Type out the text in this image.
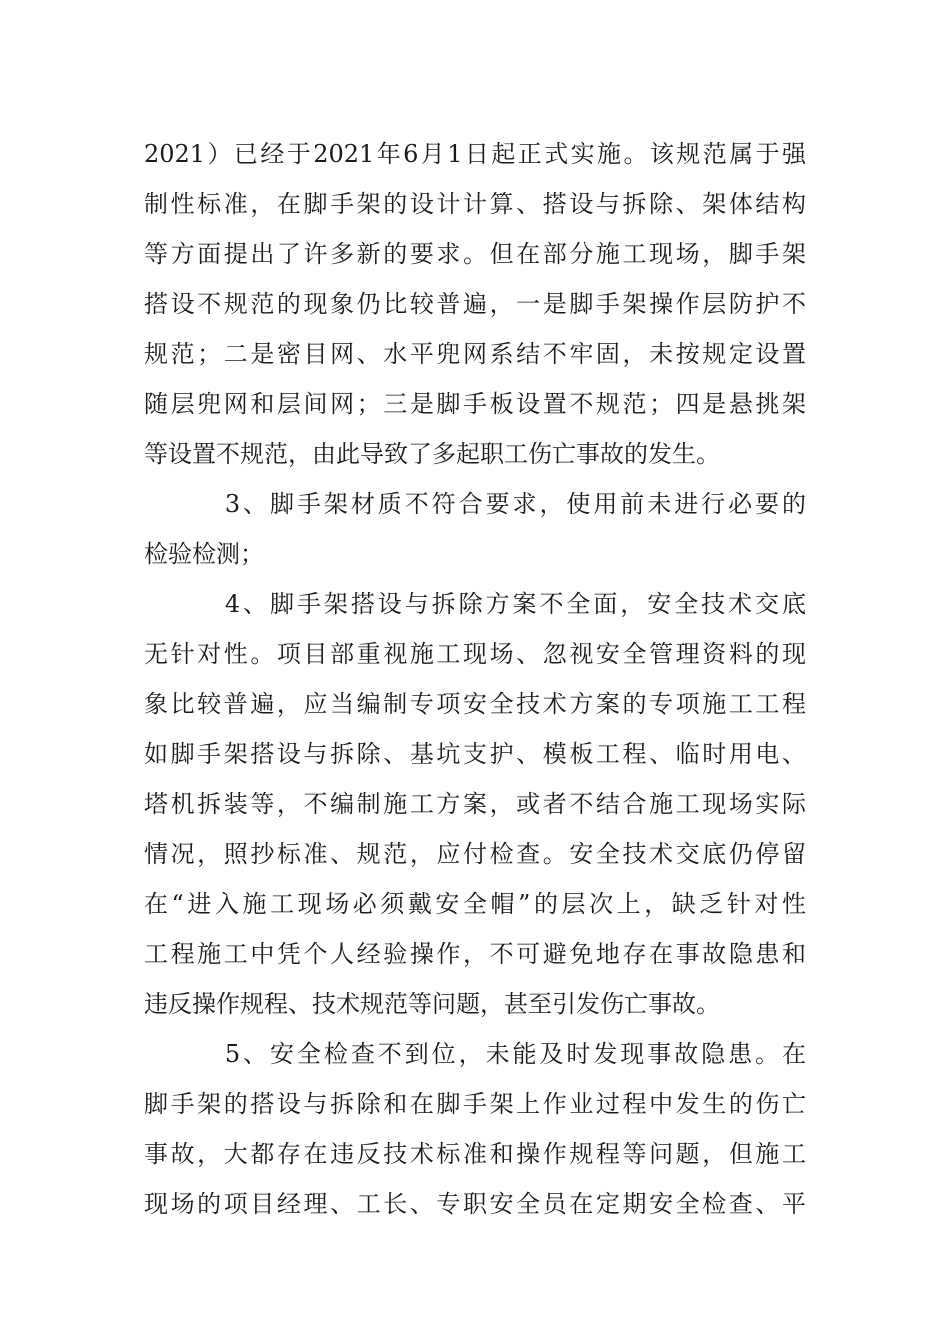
2021）已经于2021年6月1日起正式实施。该规范属于强
制性标准，在脚手架的设计计算、搭设与拆除、架体结构
等方面提出了许多新的要求。但在部分施工现场，脚手架
搭设不规范的现象仍比较普遍，一是脚手架操作层防护不
规范；二是密目网、水平兜网系结不牢固，未按规定设置
随层兜网和层间网；三是脚手板设置不规范；四是悬挑架
等设置不规范，由此导致了多起职工伤亡事故的发生。
　　　3、脚手架材质不符合要求，使用前未进行必要的
检验检测；
　　　4、脚手架搭设与拆除方案不全面，安全技术交底
无针对性。项目部重视施工现场、忽视安全管理资料的现
象比较普遍，应当编制专项安全技术方案的专项施工工程
如脚手架搭设与拆除、基坑支护、模板工程、临时用电、
塔机拆装等，不编制施工方案，或者不结合施工现场实际
情况，照抄标准、规范，应付检查。安全技术交底仍停留
在“进入施工现场必须戴安全帽”的层次上，缺乏针对性
工程施工中凭个人经验操作，不可避免地存在事故隐患和
违反操作规程、技术规范等问题，甚至引发伤亡事故。
　　　5、安全检查不到位，未能及时发现事故隐患。在
脚手架的搭设与拆除和在脚手架上作业过程中发生的伤亡
事故，大都存在违反技术标准和操作规程等问题，但施工
现场的项目经理、工长、专职安全员在定期安全检查、平
